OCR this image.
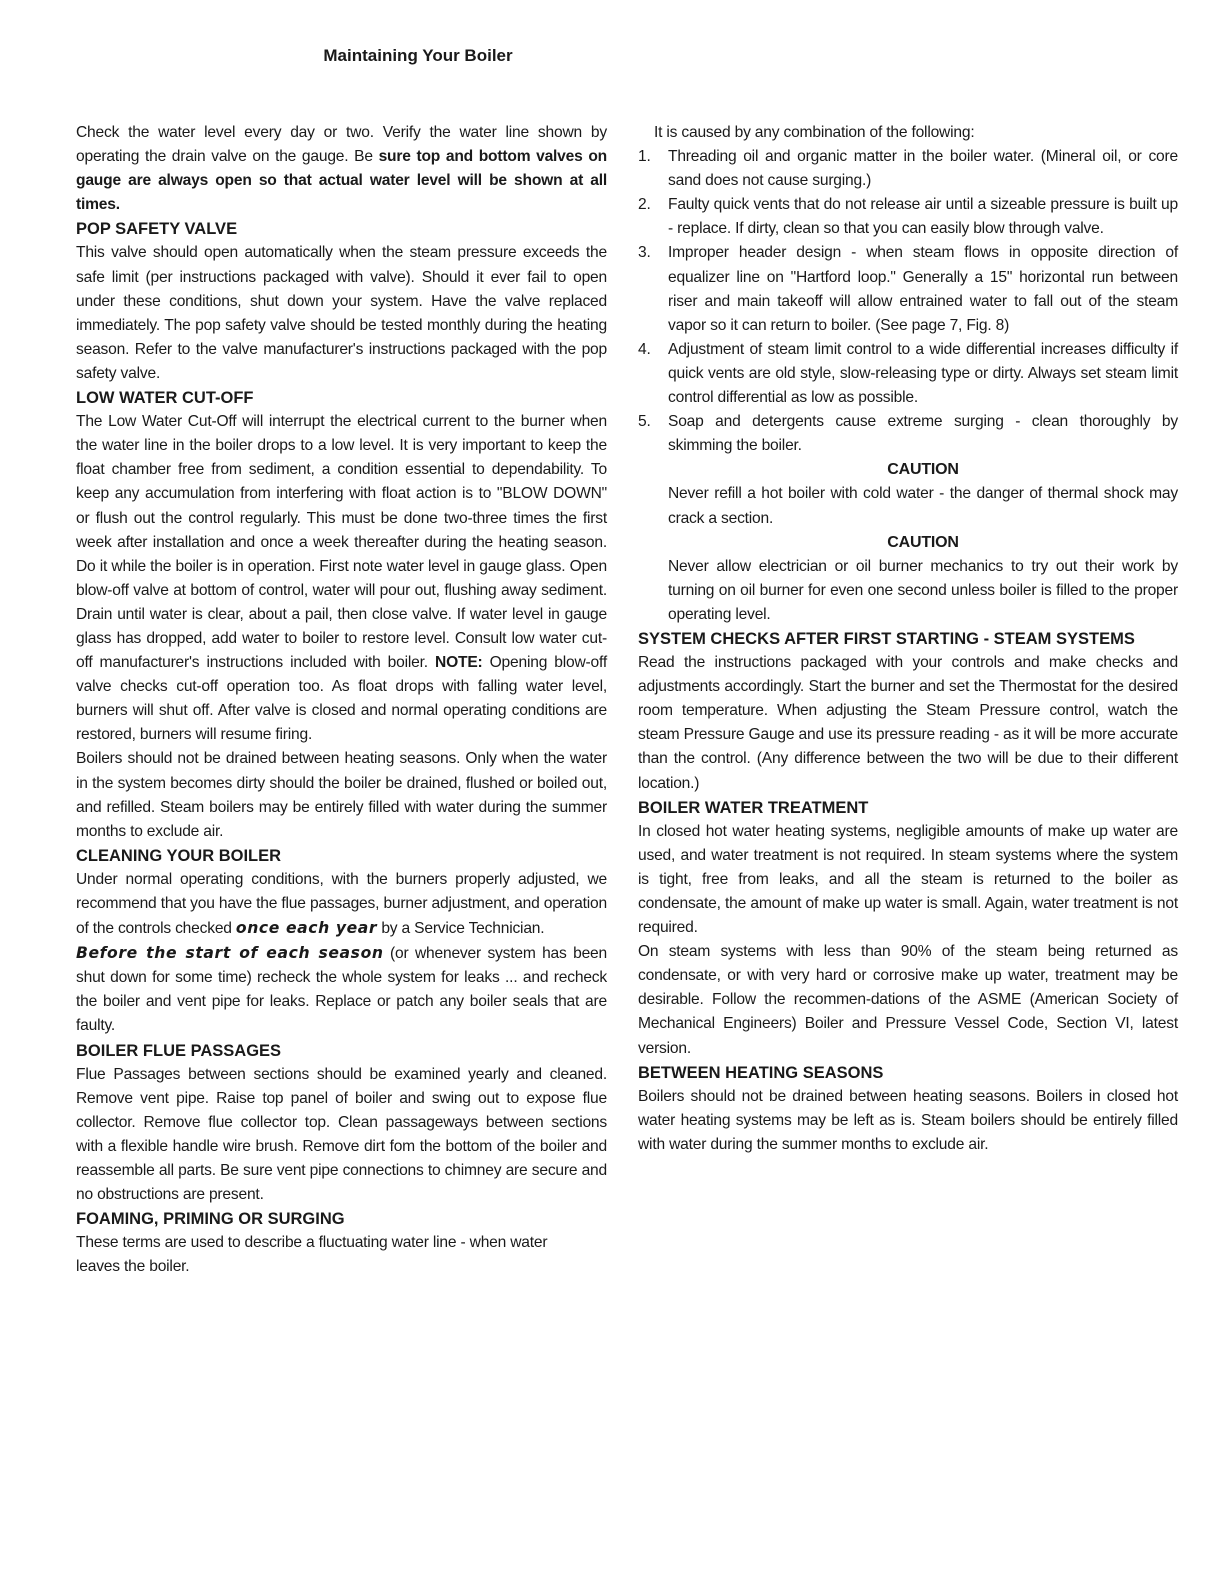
Maintaining Your Boiler

Check the water level every day or two. Verify the water line shown by operating the drain valve on the gauge. Be sure top and bottom valves on gauge are always open so that actual water level will be shown at all times.

POP SAFETY VALVE

This valve should open automatically when the steam pressure exceeds the safe limit (per instructions packaged with valve). Should it ever fail to open under these conditions, shut down your system. Have the valve replaced immediately. The pop safety valve should be tested monthly during the heating season. Refer to the valve manufacturer's instructions packaged with the pop safety valve.

LOW WATER CUT-OFF

The Low Water Cut-Off will interrupt the electrical current to the burner when the water line in the boiler drops to a low level. It is very important to keep the float chamber free from sediment, a condition essential to dependability. To keep any accumulation from interfering with float action is to "BLOW DOWN" or flush out the control regularly. This must be done two-three times the first week after installation and once a week thereafter during the heating season. Do it while the boiler is in operation. First note water level in gauge glass. Open blow-off valve at bottom of control, water will pour out, flushing away sediment. Drain until water is clear, about a pail, then close valve. If water level in gauge glass has dropped, add water to boiler to restore level. Consult low water cut-off manufacturer's instructions included with boiler. NOTE: Opening blow-off valve checks cut-off operation too. As float drops with falling water level, burners will shut off. After valve is closed and normal operating conditions are restored, burners will resume firing.

Boilers should not be drained between heating seasons. Only when the water in the system becomes dirty should the boiler be drained, flushed or boiled out, and refilled. Steam boilers may be entirely filled with water during the summer months to exclude air.

CLEANING YOUR BOILER

Under normal operating conditions, with the burners properly adjusted, we recommend that you have the flue passages, burner adjustment, and operation of the controls checked once each year by a Service Technician.

Before the start of each season (or whenever system has been shut down for some time) recheck the whole system for leaks ... and recheck the boiler and vent pipe for leaks. Replace or patch any boiler seals that are faulty.

BOILER FLUE PASSAGES

Flue Passages between sections should be examined yearly and cleaned. Remove vent pipe. Raise top panel of boiler and swing out to expose flue collector. Remove flue collector top. Clean passageways between sections with a flexible handle wire brush. Remove dirt fom the bottom of the boiler and reassemble all parts. Be sure vent pipe connections to chimney are secure and no obstructions are present.

FOAMING, PRIMING OR SURGING

These terms are used to describe a fluctuating water line - when water leaves the boiler.

It is caused by any combination of the following:

1. Threading oil and organic matter in the boiler water. (Mineral oil, or core sand does not cause surging.)
2. Faulty quick vents that do not release air until a sizeable pressure is built up - replace. If dirty, clean so that you can easily blow through valve.
3. Improper header design - when steam flows in opposite direction of equalizer line on "Hartford loop." Generally a 15" horizontal run between riser and main takeoff will allow entrained water to fall out of the steam vapor so it can return to boiler. (See page 7, Fig. 8)
4. Adjustment of steam limit control to a wide differential increases difficulty if quick vents are old style, slow-releasing type or dirty. Always set steam limit control differential as low as possible.
5. Soap and detergents cause extreme surging - clean thoroughly by skimming the boiler.

CAUTION

Never refill a hot boiler with cold water - the danger of thermal shock may crack a section.

CAUTION

Never allow electrician or oil burner mechanics to try out their work by turning on oil burner for even one second unless boiler is filled to the proper operating level.

SYSTEM CHECKS AFTER FIRST STARTING - STEAM SYSTEMS

Read the instructions packaged with your controls and make checks and adjustments accordingly. Start the burner and set the Thermostat for the desired room temperature. When adjusting the Steam Pressure control, watch the steam Pressure Gauge and use its pressure reading - as it will be more accurate than the control. (Any difference between the two will be due to their different location.)

BOILER WATER TREATMENT

In closed hot water heating systems, negligible amounts of make up water are used, and water treatment is not required. In steam systems where the system is tight, free from leaks, and all the steam is returned to the boiler as condensate, the amount of make up water is small. Again, water treatment is not required.

On steam systems with less than 90% of the steam being returned as condensate, or with very hard or corrosive make up water, treatment may be desirable. Follow the recommen-dations of the ASME (American Society of Mechanical Engineers) Boiler and Pressure Vessel Code, Section VI, latest version.

BETWEEN HEATING SEASONS

Boilers should not be drained between heating seasons. Boilers in closed hot water heating systems may be left as is. Steam boilers should be entirely filled with water during the summer months to exclude air.
